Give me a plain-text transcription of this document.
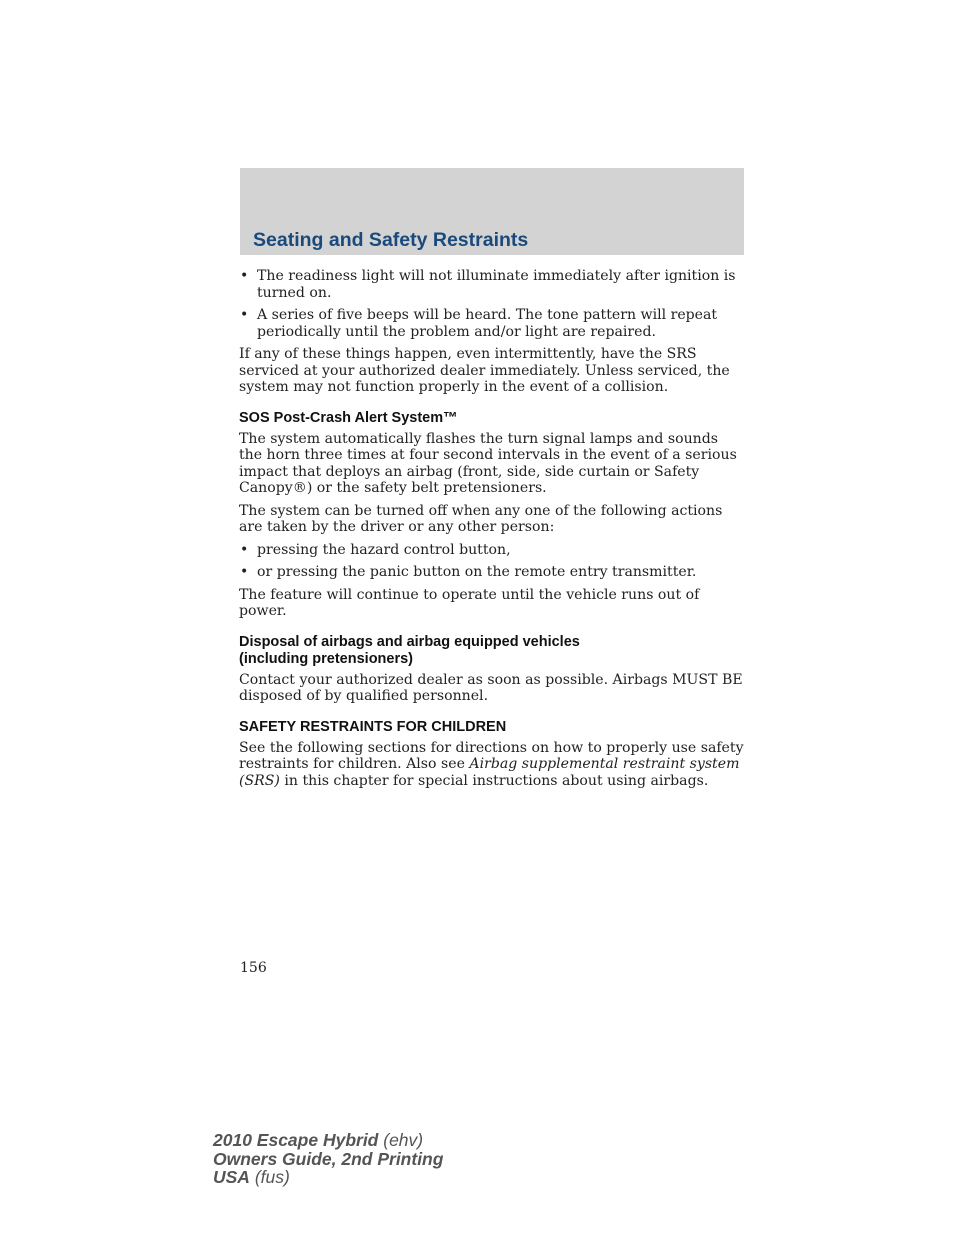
Seating and Safety Restraints
• The readiness light will not illuminate immediately after ignition is turned on.
• A series of five beeps will be heard. The tone pattern will repeat periodically until the problem and/or light are repaired.

If any of these things happen, even intermittently, have the SRS serviced at your authorized dealer immediately. Unless serviced, the system may not function properly in the event of a collision.

SOS Post-Crash Alert System™

The system automatically flashes the turn signal lamps and sounds the horn three times at four second intervals in the event of a serious impact that deploys an airbag (front, side, side curtain or Safety Canopy®) or the safety belt pretensioners.

The system can be turned off when any one of the following actions are taken by the driver or any other person:

• pressing the hazard control button,
• or pressing the panic button on the remote entry transmitter.

The feature will continue to operate until the vehicle runs out of power.

Disposal of airbags and airbag equipped vehicles
(including pretensioners)

Contact your authorized dealer as soon as possible. Airbags MUST BE disposed of by qualified personnel.

SAFETY RESTRAINTS FOR CHILDREN

See the following sections for directions on how to properly use safety restraints for children. Also see Airbag supplemental restraint system (SRS) in this chapter for special instructions about using airbags.

156
2010 Escape Hybrid (ehv)
Owners Guide, 2nd Printing
USA (fus)
